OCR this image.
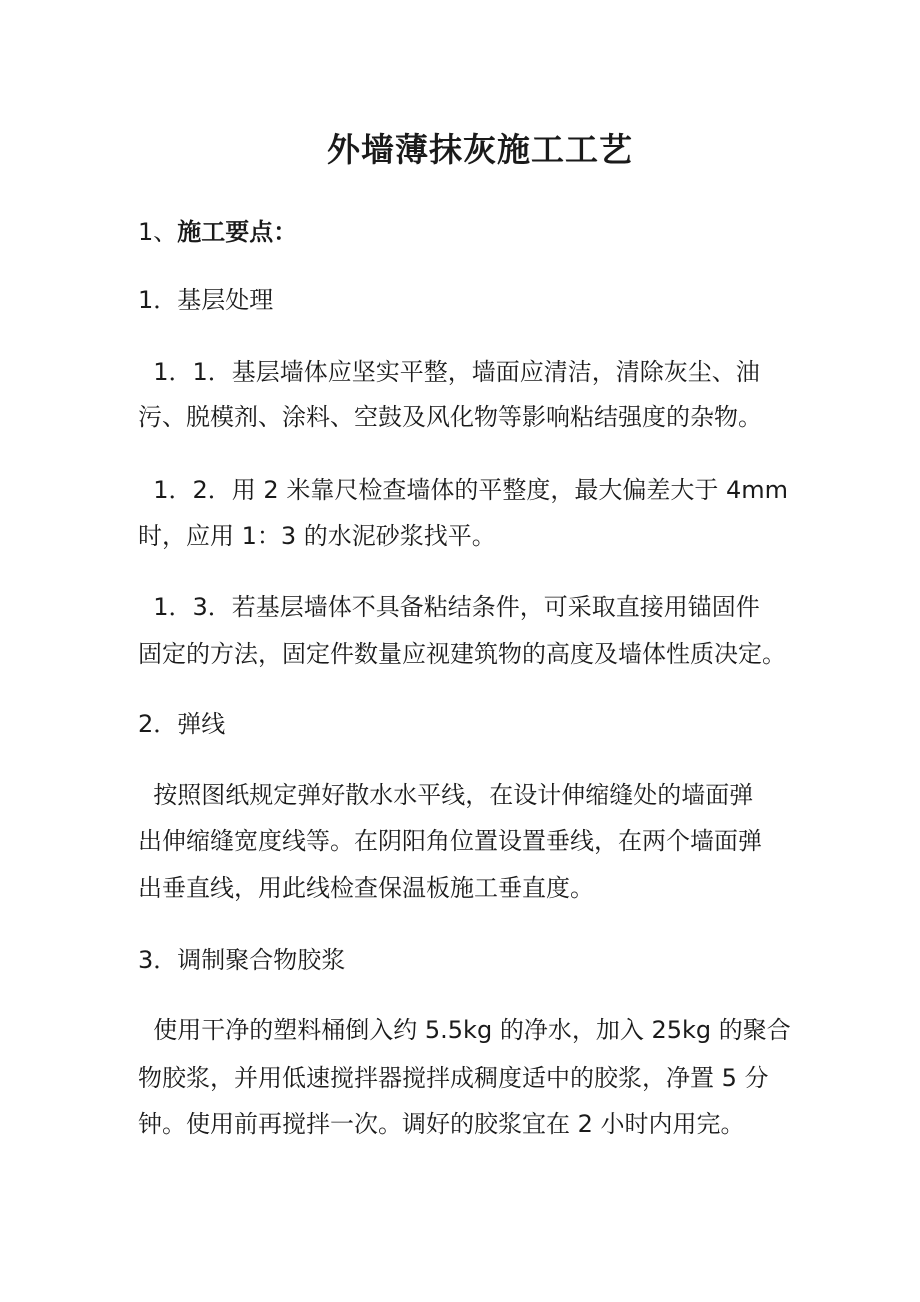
外墙薄抹灰施工工艺

1、施工要点：

1．基层处理

1．1．基层墙体应坚实平整，墙面应清洁，清除灰尘、油

污、脱模剂、涂料、空鼓及风化物等影响粘结强度的杂物。

1．2．用 2 米靠尺检查墙体的平整度，最大偏差大于 4mm

时，应用 1：3 的水泥砂浆找平。

1．3．若基层墙体不具备粘结条件，可采取直接用锚固件

固定的方法，固定件数量应视建筑物的高度及墙体性质决定。

2．弹线

按照图纸规定弹好散水水平线，在设计伸缩缝处的墙面弹

出伸缩缝宽度线等。在阴阳角位置设置垂线，在两个墙面弹

出垂直线，用此线检查保温板施工垂直度。

3．调制聚合物胶浆

使用干净的塑料桶倒入约 5.5kg 的净水，加入 25kg 的聚合

物胶浆，并用低速搅拌器搅拌成稠度适中的胶浆，净置 5 分

钟。使用前再搅拌一次。调好的胶浆宜在 2 小时内用完。
